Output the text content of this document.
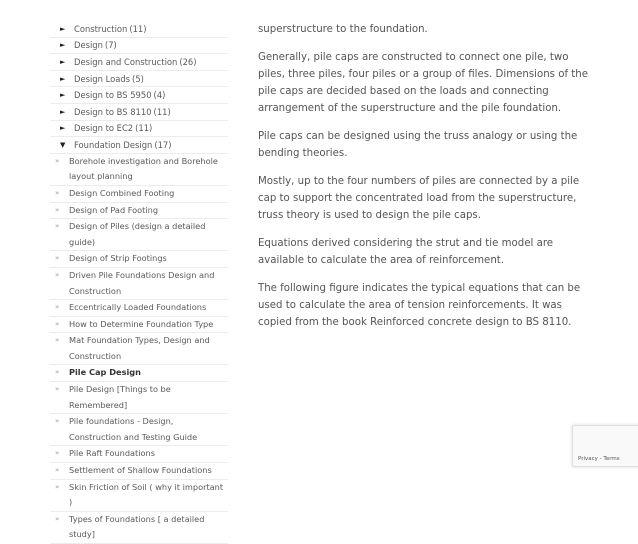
►	Construction (11)
►	Design (7)
►	Design and Construction (26)
►	Design Loads (5)
►	Design to BS 5950 (4)
►	Design to BS 8110 (11)
►	Design to EC2 (11)
▼	Foundation Design (17)
»	Borehole investigation and Borehole layout planning
»	Design Combined Footing
»	Design of Pad Footing
»	Design of Piles (design a detailed guide)
»	Design of Strip Footings
»	Driven Pile Foundations Design and Construction
»	Eccentrically Loaded Foundations
»	How to Determine Foundation Type
»	Mat Foundation Types, Design and Construction
»	Pile Cap Design
»	Pile Design [Things to be Remembered]
»	Pile foundations - Design, Construction and Testing Guide
»	Pile Raft Foundations
»	Settlement of Shallow Foundations
»	Skin Friction of Soil ( why it important )
»	Types of Foundations [ a detailed study]

superstructure to the foundation.

Generally, pile caps are constructed to connect one pile, two piles, three piles, four piles or a group of files. Dimensions of the pile caps are decided based on the loads and connecting arrangement of the superstructure and the pile foundation.

Pile caps can be designed using the truss analogy or using the bending theories.

Mostly, up to the four numbers of piles are connected by a pile cap to support the concentrated load from the superstructure, truss theory is used to design the pile caps.

Equations derived considering the strut and tie model are available to calculate the area of reinforcement.

The following figure indicates the typical equations that can be used to calculate the area of tension reinforcements. It was copied from the book Reinforced concrete design to BS 8110.

Privacy - Terms
